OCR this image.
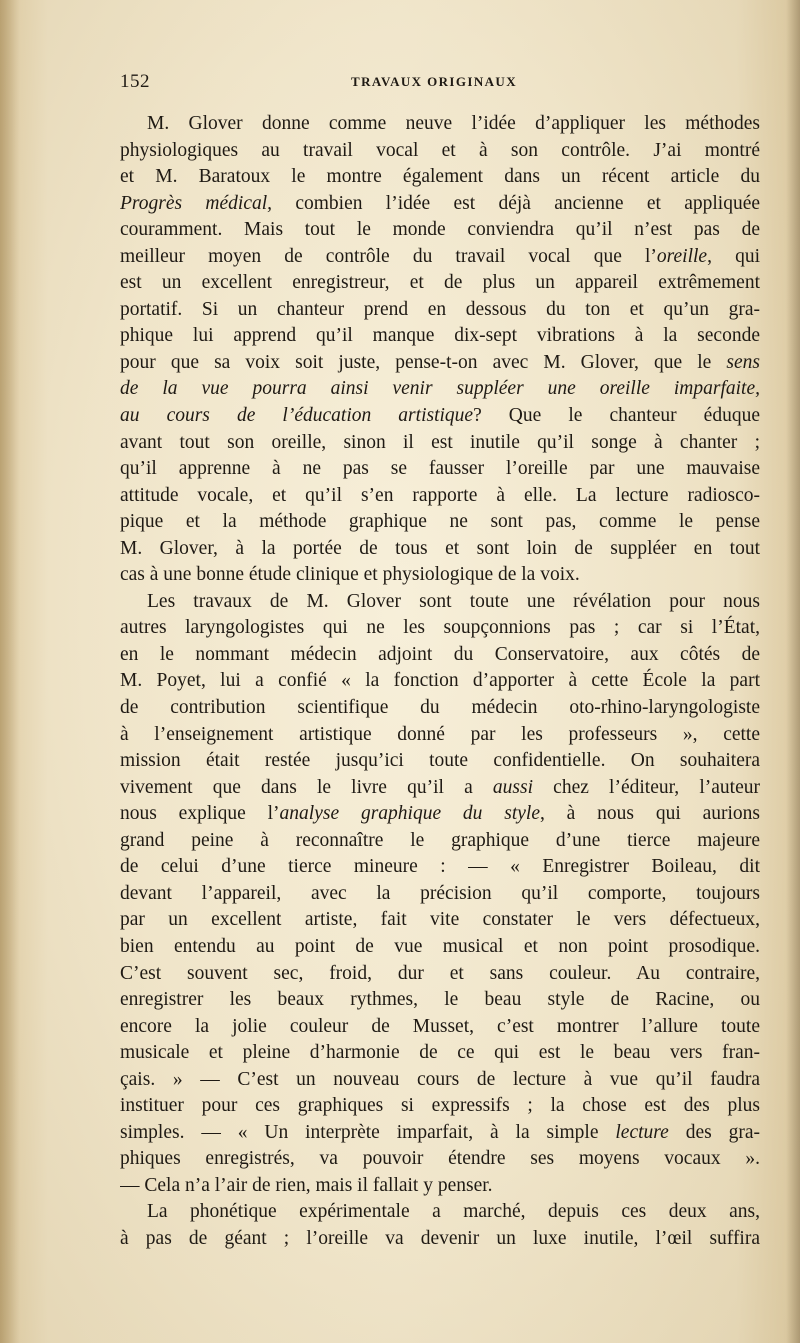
152	TRAVAUX ORIGINAUX
M. Glover donne comme neuve l’idée d’appliquer les méthodes
physiologiques au travail vocal et à son contrôle. J’ai montré
et M. Baratoux le montre également dans un récent article du
Progrès médical, combien l’idée est déjà ancienne et appliquée
couramment. Mais tout le monde conviendra qu’il n’est pas de
meilleur moyen de contrôle du travail vocal que l’oreille, qui
est un excellent enregistreur, et de plus un appareil extrêmement
portatif. Si un chanteur prend en dessous du ton et qu’un gra-
phique lui apprend qu’il manque dix-sept vibrations à la seconde
pour que sa voix soit juste, pense-t-on avec M. Glover, que le sens
de la vue pourra ainsi venir suppléer une oreille imparfaite,
au cours de l’éducation artistique? Que le chanteur éduque
avant tout son oreille, sinon il est inutile qu’il songe à chanter ;
qu’il apprenne à ne pas se fausser l’oreille par une mauvaise
attitude vocale, et qu’il s’en rapporte à elle. La lecture radiosco-
pique et la méthode graphique ne sont pas, comme le pense
M. Glover, à la portée de tous et sont loin de suppléer en tout
cas à une bonne étude clinique et physiologique de la voix.
Les travaux de M. Glover sont toute une révélation pour nous
autres laryngologistes qui ne les soupçonnions pas ; car si l’État,
en le nommant médecin adjoint du Conservatoire, aux côtés de
M. Poyet, lui a confié « la fonction d’apporter à cette École la part
de contribution scientifique du médecin oto-rhino-laryngologiste
à l’enseignement artistique donné par les professeurs », cette
mission était restée jusqu’ici toute confidentielle. On souhaitera
vivement que dans le livre qu’il a aussi chez l’éditeur, l’auteur
nous explique l’analyse graphique du style, à nous qui aurions
grand peine à reconnaître le graphique d’une tierce majeure
de celui d’une tierce mineure : — « Enregistrer Boileau, dit
devant l’appareil, avec la précision qu’il comporte, toujours
par un excellent artiste, fait vite constater le vers défectueux,
bien entendu au point de vue musical et non point prosodique.
C’est souvent sec, froid, dur et sans couleur. Au contraire,
enregistrer les beaux rythmes, le beau style de Racine, ou
encore la jolie couleur de Musset, c’est montrer l’allure toute
musicale et pleine d’harmonie de ce qui est le beau vers fran-
çais. » — C’est un nouveau cours de lecture à vue qu’il faudra
instituer pour ces graphiques si expressifs ; la chose est des plus
simples. — « Un interprète imparfait, à la simple lecture des gra-
phiques enregistrés, va pouvoir étendre ses moyens vocaux ».
— Cela n’a l’air de rien, mais il fallait y penser.
La phonétique expérimentale a marché, depuis ces deux ans,
à pas de géant ; l’oreille va devenir un luxe inutile, l’œil suffira
